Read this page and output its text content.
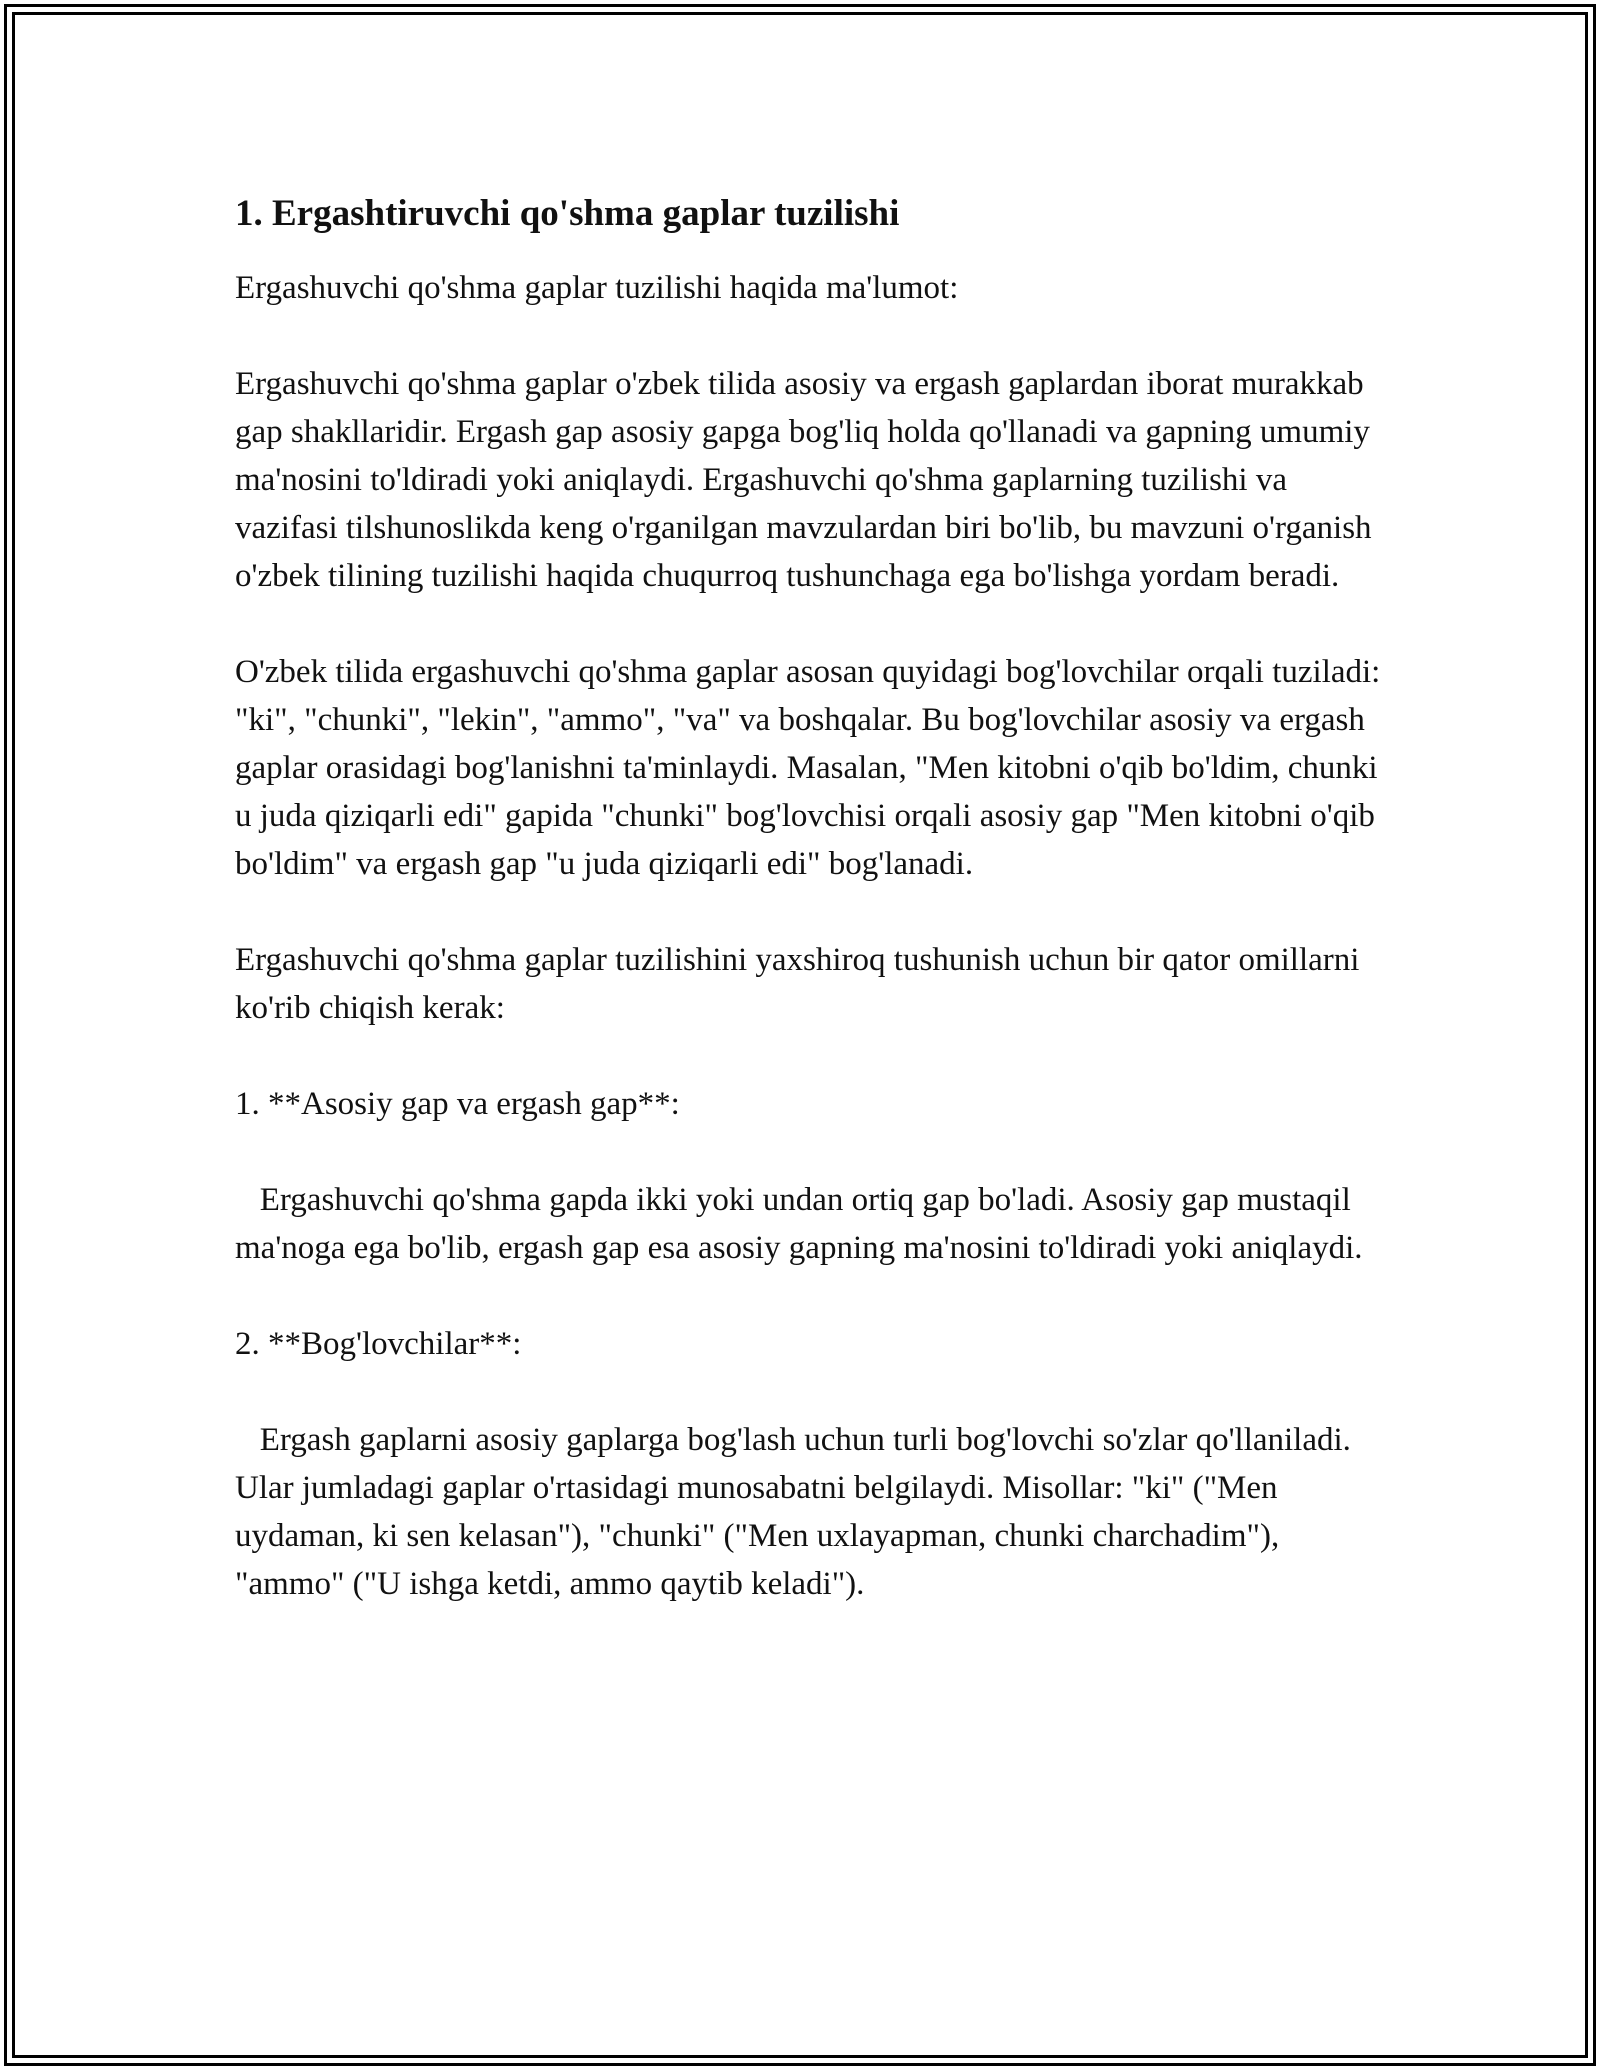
1. Ergashtiruvchi qo'shma gaplar tuzilishi

Ergashuvchi qo'shma gaplar tuzilishi haqida ma'lumot:

Ergashuvchi qo'shma gaplar o'zbek tilida asosiy va ergash gaplardan iborat murakkab gap shakllaridir. Ergash gap asosiy gapga bog'liq holda qo'llanadi va gapning umumiy ma'nosini to'ldiradi yoki aniqlaydi. Ergashuvchi qo'shma gaplarning tuzilishi va vazifasi tilshunoslikda keng o'rganilgan mavzulardan biri bo'lib, bu mavzuni o'rganish o'zbek tilining tuzilishi haqida chuqurroq tushunchaga ega bo'lishga yordam beradi.

O'zbek tilida ergashuvchi qo'shma gaplar asosan quyidagi bog'lovchilar orqali tuziladi: "ki", "chunki", "lekin", "ammo", "va" va boshqalar. Bu bog'lovchilar asosiy va ergash gaplar orasidagi bog'lanishni ta'minlaydi. Masalan, "Men kitobni o'qib bo'ldim, chunki u juda qiziqarli edi" gapida "chunki" bog'lovchisi orqali asosiy gap "Men kitobni o'qib bo'ldim" va ergash gap "u juda qiziqarli edi" bog'lanadi.

Ergashuvchi qo'shma gaplar tuzilishini yaxshiroq tushunish uchun bir qator omillarni ko'rib chiqish kerak:

1. **Asosiy gap va ergash gap**:

Ergashuvchi qo'shma gapda ikki yoki undan ortiq gap bo'ladi. Asosiy gap mustaqil ma'noga ega bo'lib, ergash gap esa asosiy gapning ma'nosini to'ldiradi yoki aniqlaydi.

2. **Bog'lovchilar**:

Ergash gaplarni asosiy gaplarga bog'lash uchun turli bog'lovchi so'zlar qo'llaniladi. Ular jumladagi gaplar o'rtasidagi munosabatni belgilaydi. Misollar: "ki" ("Men uydaman, ki sen kelasan"), "chunki" ("Men uxlayapman, chunki charchadim"), "ammo" ("U ishga ketdi, ammo qaytib keladi").
